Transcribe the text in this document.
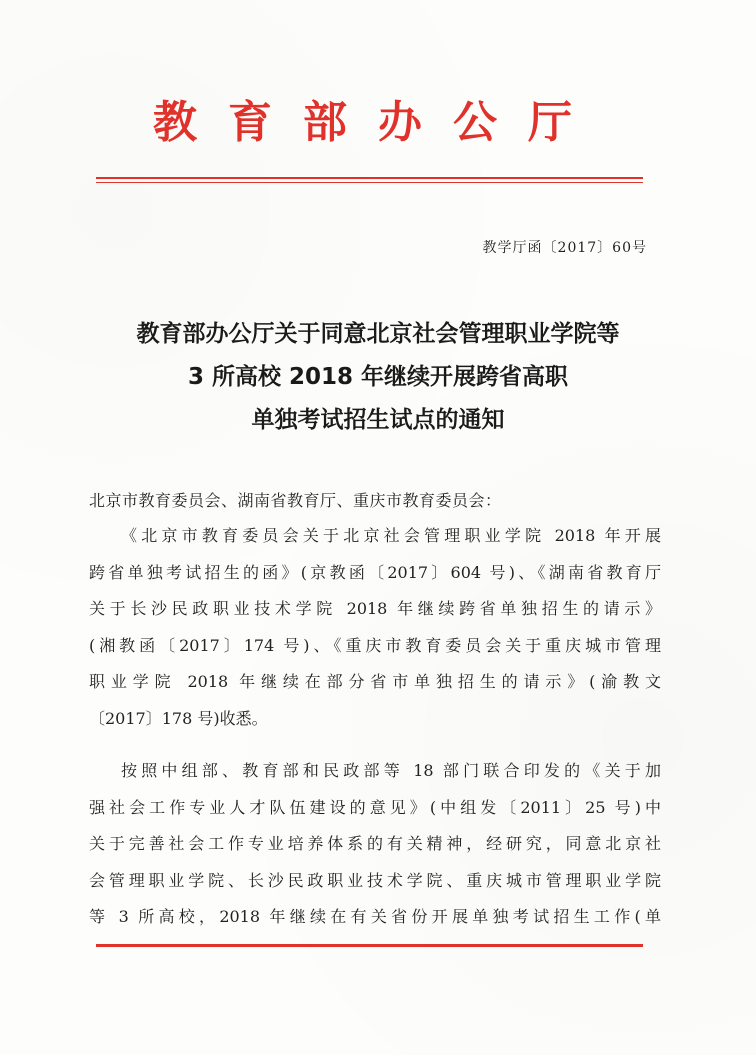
教育部办公厅
教学厅函〔2017〕60号
教育部办公厅关于同意北京社会管理职业学院等
3 所高校 2018 年继续开展跨省高职
单独考试招生试点的通知
北京市教育委员会、湖南省教育厅、重庆市教育委员会：
《北京市教育委员会关于北京社会管理职业学院 2018 年开展
跨省单独考试招生的函》(京教函〔2017〕604 号)、《湖南省教育厅
关于长沙民政职业技术学院 2018 年继续跨省单独招生的请示》
(湘教函〔2017〕174 号)、《重庆市教育委员会关于重庆城市管理
职业学院 2018 年继续在部分省市单独招生的请示》(渝教文
〔2017〕178 号)收悉。
按照中组部、教育部和民政部等 18 部门联合印发的《关于加
强社会工作专业人才队伍建设的意见》(中组发〔2011〕25 号)中
关于完善社会工作专业培养体系的有关精神，经研究，同意北京社
会管理职业学院、长沙民政职业技术学院、重庆城市管理职业学院
等 3 所高校，2018 年继续在有关省份开展单独考试招生工作(单
